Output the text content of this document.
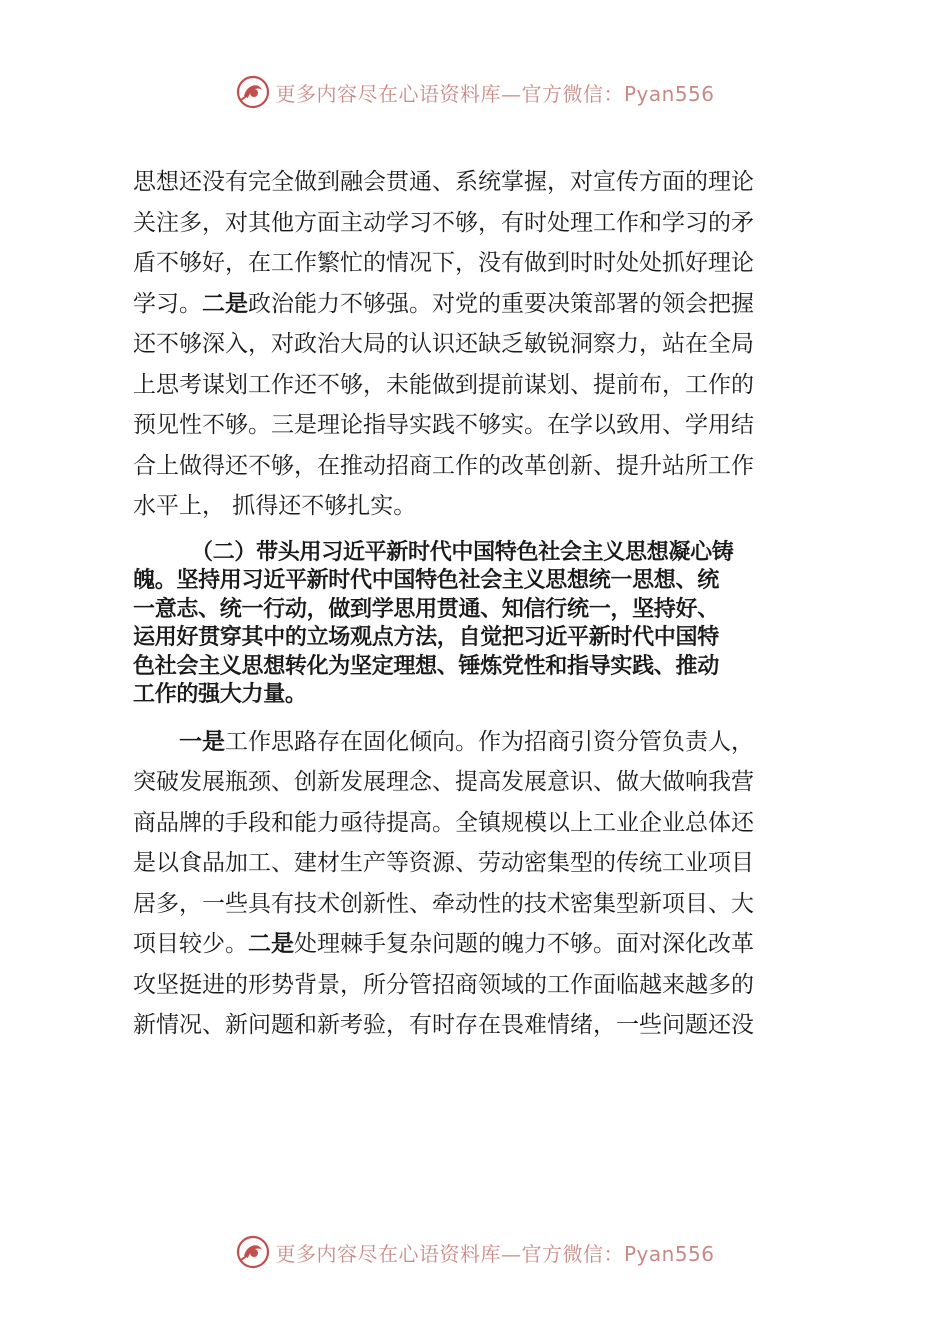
更多内容尽在心语资料库—官方微信：Pyan556
思想还没有完全做到融会贯通、系统掌握，对宣传方面的理论
关注多，对其他方面主动学习不够，有时处理工作和学习的矛
盾不够好，在工作繁忙的情况下，没有做到时时处处抓好理论
学习。二是政治能力不够强。对党的重要决策部署的领会把握
还不够深入，对政治大局的认识还缺乏敏锐洞察力，站在全局
上思考谋划工作还不够，未能做到提前谋划、提前布，工作的
预见性不够。三是理论指导实践不够实。在学以致用、学用结
合上做得还不够，在推动招商工作的改革创新、提升站所工作
水平上， 抓得还不够扎实。
（二）带头用习近平新时代中国特色社会主义思想凝心铸
魄。坚持用习近平新时代中国特色社会主义思想统一思想、统
一意志、统一行动，做到学思用贯通、知信行统一，坚持好、
运用好贯穿其中的立场观点方法，自觉把习近平新时代中国特
色社会主义思想转化为坚定理想、锤炼党性和指导实践、推动
工作的强大力量。
一是工作思路存在固化倾向。作为招商引资分管负责人，
突破发展瓶颈、创新发展理念、提高发展意识、做大做响我营
商品牌的手段和能力亟待提高。全镇规模以上工业企业总体还
是以食品加工、建材生产等资源、劳动密集型的传统工业项目
居多，一些具有技术创新性、牵动性的技术密集型新项目、大
项目较少。二是处理棘手复杂问题的魄力不够。面对深化改革
攻坚挺进的形势背景，所分管招商领域的工作面临越来越多的
新情况、新问题和新考验，有时存在畏难情绪，一些问题还没
更多内容尽在心语资料库—官方微信：Pyan556
